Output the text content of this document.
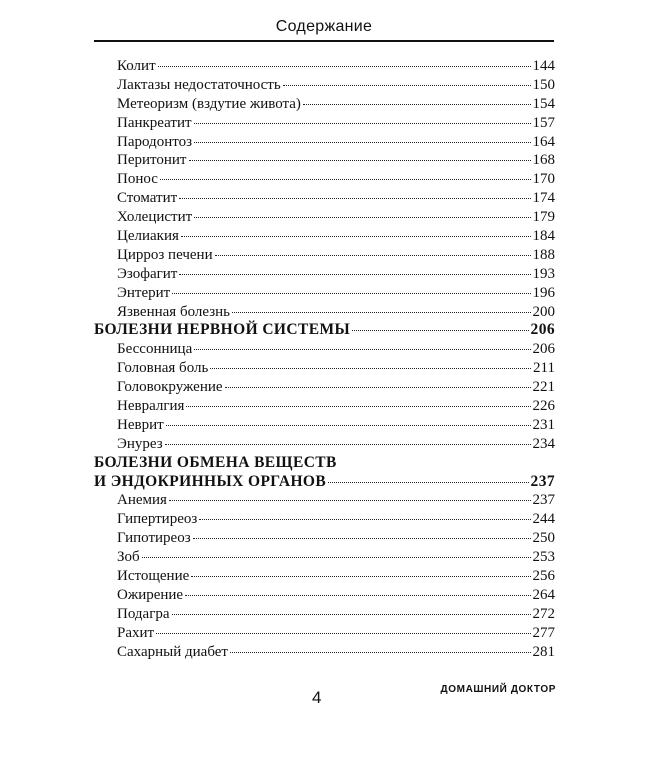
Содержание
Колит	144
Лактазы недостаточность	150
Метеоризм (вздутие живота)	154
Панкреатит	157
Пародонтоз	164
Перитонит	168
Понос	170
Стоматит	174
Холецистит	179
Целиакия	184
Цирроз печени	188
Эзофагит	193
Энтерит	196
Язвенная болезнь	200
БОЛЕЗНИ НЕРВНОЙ СИСТЕМЫ	206
Бессонница	206
Головная боль	211
Головокружение	221
Невралгия	226
Неврит	231
Энурез	234
БОЛЕЗНИ ОБМЕНА ВЕЩЕСТВ
И ЭНДОКРИННЫХ ОРГАНОВ	237
Анемия	237
Гипертиреоз	244
Гипотиреоз	250
Зоб	253
Истощение	256
Ожирение	264
Подагра	272
Рахит	277
Сахарный диабет	281
4	ДОМАШНИЙ ДОКТОР
